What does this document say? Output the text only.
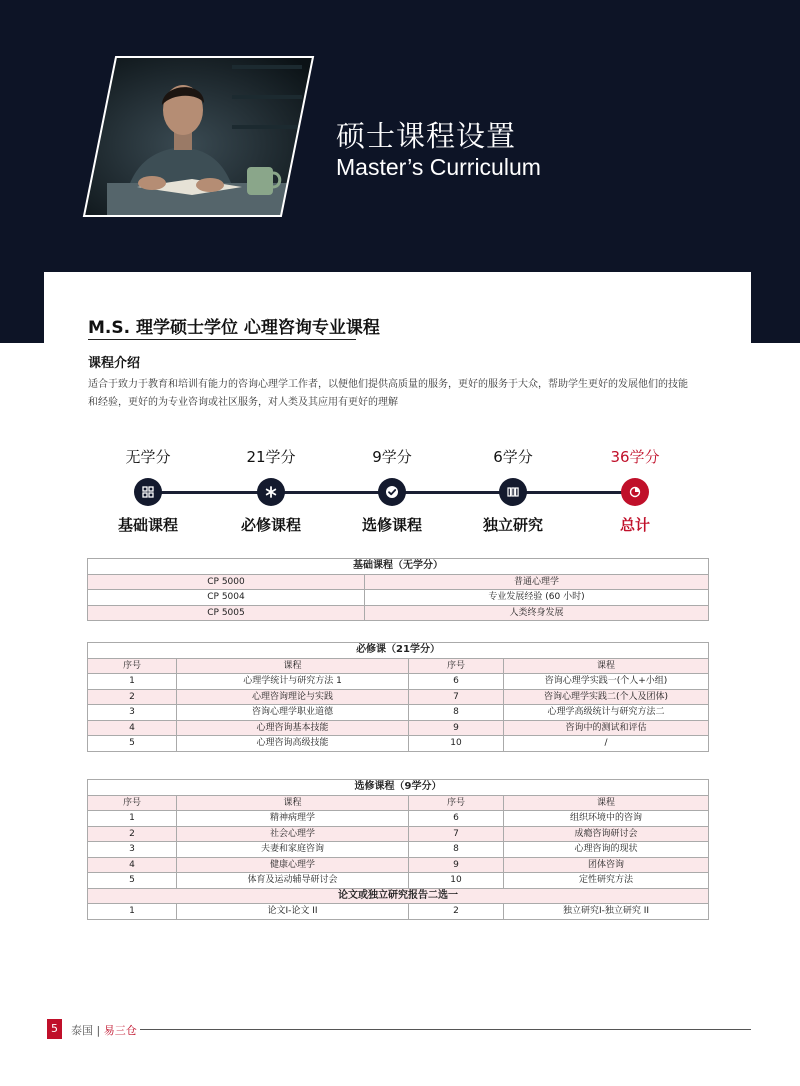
硕士课程设置
Master’s Curriculum
M.S. 理学硕士学位 心理咨询专业课程
课程介绍
适合于致力于教育和培训有能力的咨询心理学工作者，以便他们提供高质量的服务，更好的服务于大众，帮助学生更好的发展他们的技能和经验，更好的为专业咨询或社区服务，对人类及其应用有更好的理解
无学分
基础课程
21学分
必修课程
9学分
选修课程
6学分
独立研究
36学分
总计
基础课程（无学分）	
CP 5000	普通心理学
CP 5004	专业发展经验 (60 小时)
CP 5005	人类终身发展
必修课（21学分）			
序号	课程	序号	课程
1	心理学统计与研究方法 1	6	咨询心理学实践一(个人+小组)
2	心理咨询理论与实践	7	咨询心理学实践二(个人及团体)
3	咨询心理学职业道德	8	心理学高级统计与研究方法二
4	心理咨询基本技能	9	咨询中的测试和评估
5	心理咨询高级技能	10	/
选修课程（9学分）			
序号	课程	序号	课程
1	精神病理学	6	组织环境中的咨询
2	社会心理学	7	成瘾咨询研讨会
3	夫妻和家庭咨询	8	心理咨询的现状
4	健康心理学	9	团体咨询
5	体育及运动辅导研讨会	10	定性研究方法
论文或独立研究报告二选一			
1	论文I-论文 II	2	独立研究I-独立研究 II
5	泰国 | 易三仓
